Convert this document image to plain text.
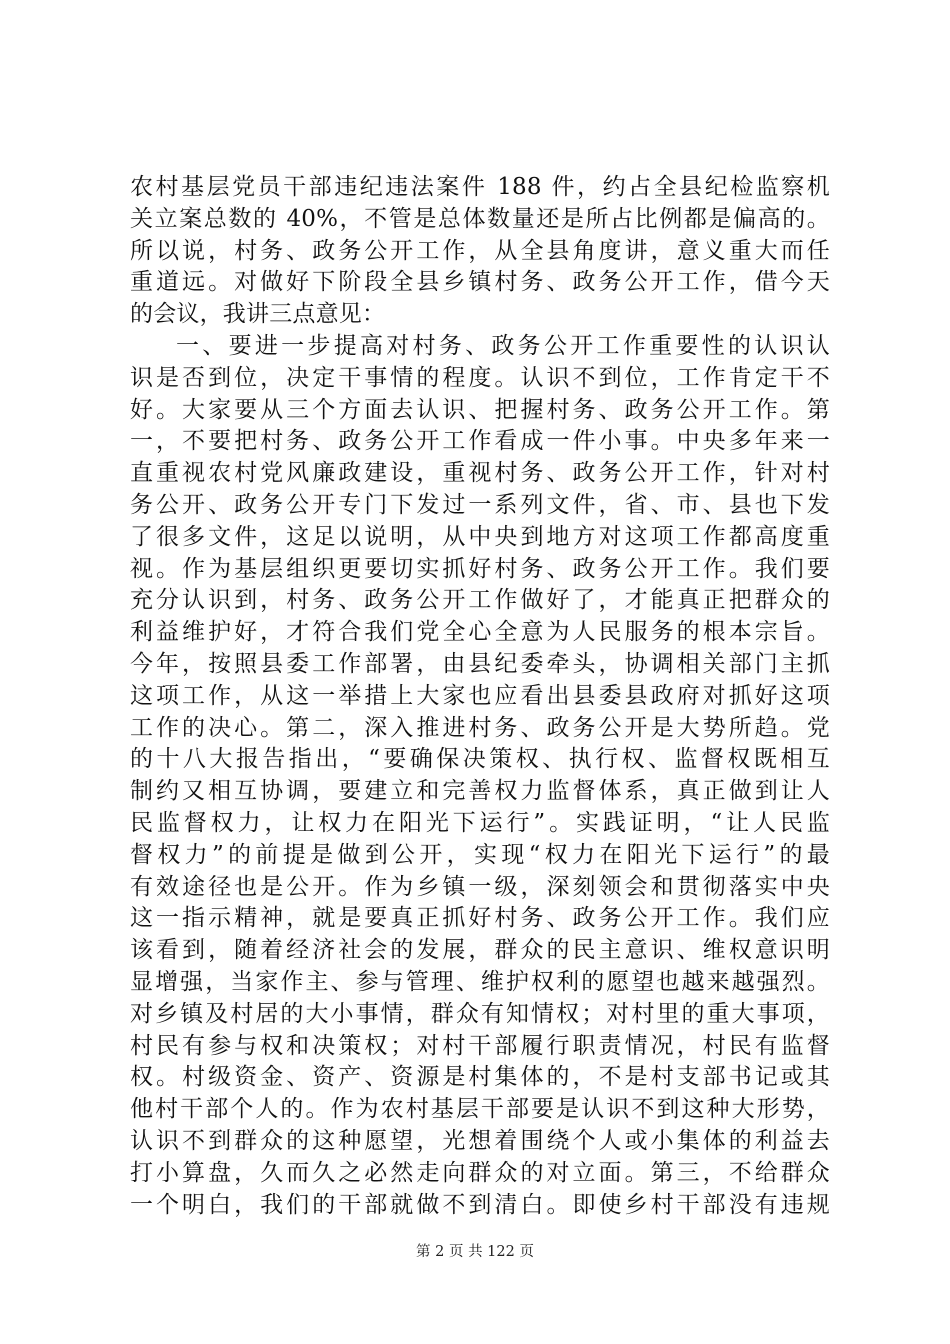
农村基层党员干部违纪违法案件 188 件，约占全县纪检监察机
关立案总数的 40%，不管是总体数量还是所占比例都是偏高的。
所以说，村务、政务公开工作，从全县角度讲，意义重大而任
重道远。对做好下阶段全县乡镇村务、政务公开工作，借今天
的会议，我讲三点意见：
一、要进一步提高对村务、政务公开工作重要性的认识认
识是否到位，决定干事情的程度。认识不到位，工作肯定干不
好。大家要从三个方面去认识、把握村务、政务公开工作。第
一，不要把村务、政务公开工作看成一件小事。中央多年来一
直重视农村党风廉政建设，重视村务、政务公开工作，针对村
务公开、政务公开专门下发过一系列文件，省、市、县也下发
了很多文件，这足以说明，从中央到地方对这项工作都高度重
视。作为基层组织更要切实抓好村务、政务公开工作。我们要
充分认识到，村务、政务公开工作做好了，才能真正把群众的
利益维护好，才符合我们党全心全意为人民服务的根本宗旨。
今年，按照县委工作部署，由县纪委牵头，协调相关部门主抓
这项工作，从这一举措上大家也应看出县委县政府对抓好这项
工作的决心。第二，深入推进村务、政务公开是大势所趋。党
的十八大报告指出，“要确保决策权、执行权、监督权既相互
制约又相互协调，要建立和完善权力监督体系，真正做到让人
民监督权力，让权力在阳光下运行”。实践证明，“让人民监
督权力”的前提是做到公开，实现“权力在阳光下运行”的最
有效途径也是公开。作为乡镇一级，深刻领会和贯彻落实中央
这一指示精神，就是要真正抓好村务、政务公开工作。我们应
该看到，随着经济社会的发展，群众的民主意识、维权意识明
显增强，当家作主、参与管理、维护权利的愿望也越来越强烈。
对乡镇及村居的大小事情，群众有知情权；对村里的重大事项，
村民有参与权和决策权；对村干部履行职责情况，村民有监督
权。村级资金、资产、资源是村集体的，不是村支部书记或其
他村干部个人的。作为农村基层干部要是认识不到这种大形势，
认识不到群众的这种愿望，光想着围绕个人或小集体的利益去
打小算盘，久而久之必然走向群众的对立面。第三，不给群众
一个明白，我们的干部就做不到清白。即使乡村干部没有违规
第 2 页 共 122 页
